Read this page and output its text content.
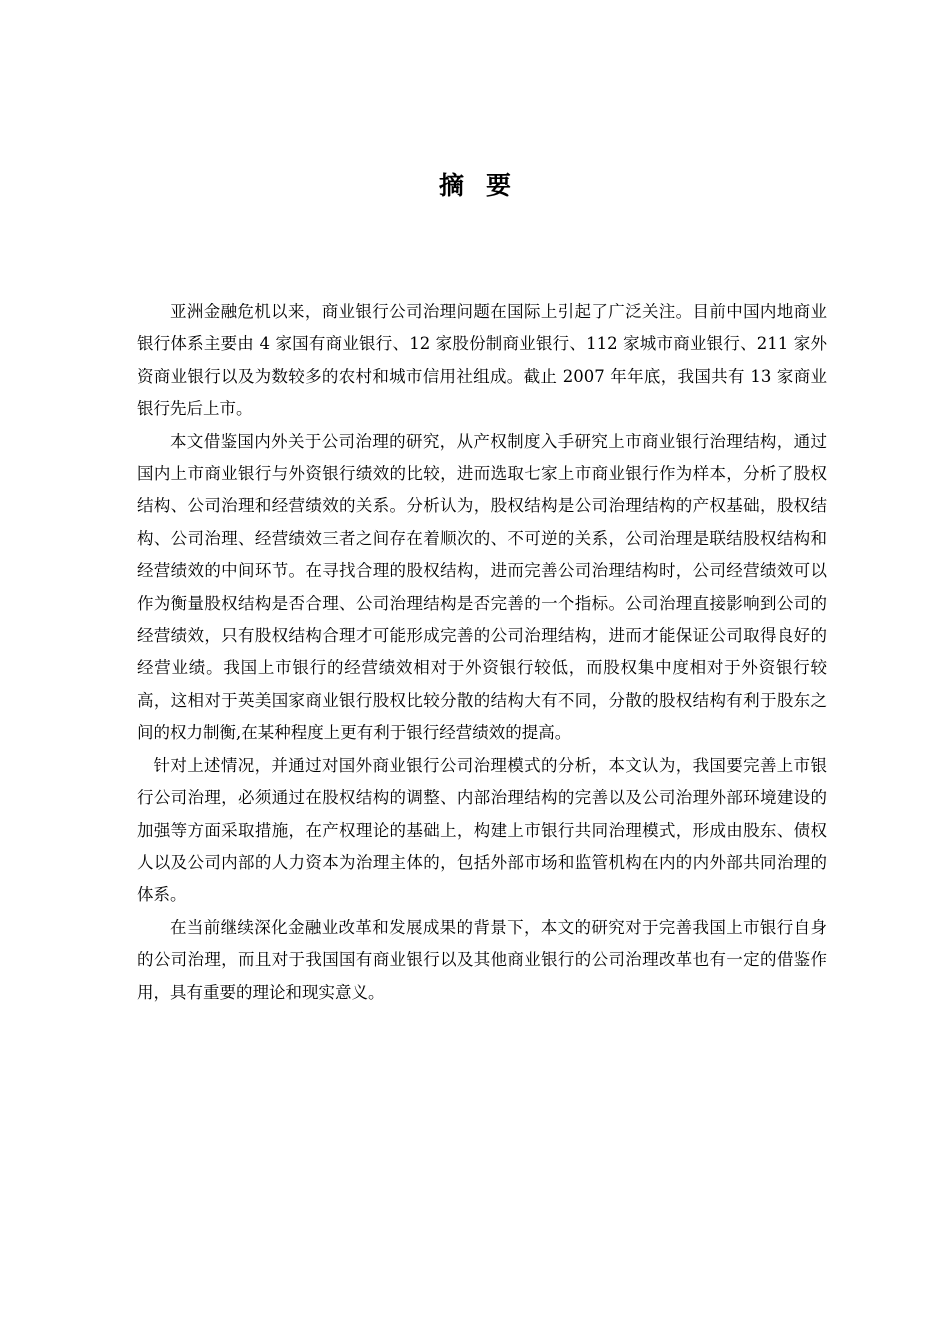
摘要

亚洲金融危机以来，商业银行公司治理问题在国际上引起了广泛关注。目前中国内地商业银行体系主要由 4 家国有商业银行、12 家股份制商业银行、112 家城市商业银行、211 家外资商业银行以及为数较多的农村和城市信用社组成。截止 2007 年年底，我国共有 13 家商业银行先后上市。

本文借鉴国内外关于公司治理的研究，从产权制度入手研究上市商业银行治理结构，通过国内上市商业银行与外资银行绩效的比较，进而选取七家上市商业银行作为样本，分析了股权结构、公司治理和经营绩效的关系。分析认为，股权结构是公司治理结构的产权基础，股权结构、公司治理、经营绩效三者之间存在着顺次的、不可逆的关系，公司治理是联结股权结构和经营绩效的中间环节。在寻找合理的股权结构，进而完善公司治理结构时，公司经营绩效可以作为衡量股权结构是否合理、公司治理结构是否完善的一个指标。公司治理直接影响到公司的经营绩效，只有股权结构合理才可能形成完善的公司治理结构，进而才能保证公司取得良好的经营业绩。我国上市银行的经营绩效相对于外资银行较低，而股权集中度相对于外资银行较高，这相对于英美国家商业银行股权比较分散的结构大有不同，分散的股权结构有利于股东之间的权力制衡,在某种程度上更有利于银行经营绩效的提高。

针对上述情况，并通过对国外商业银行公司治理模式的分析，本文认为，我国要完善上市银行公司治理，必须通过在股权结构的调整、内部治理结构的完善以及公司治理外部环境建设的加强等方面采取措施，在产权理论的基础上，构建上市银行共同治理模式，形成由股东、债权人以及公司内部的人力资本为治理主体的，包括外部市场和监管机构在内的内外部共同治理的体系。

在当前继续深化金融业改革和发展成果的背景下，本文的研究对于完善我国上市银行自身的公司治理，而且对于我国国有商业银行以及其他商业银行的公司治理改革也有一定的借鉴作用，具有重要的理论和现实意义。
